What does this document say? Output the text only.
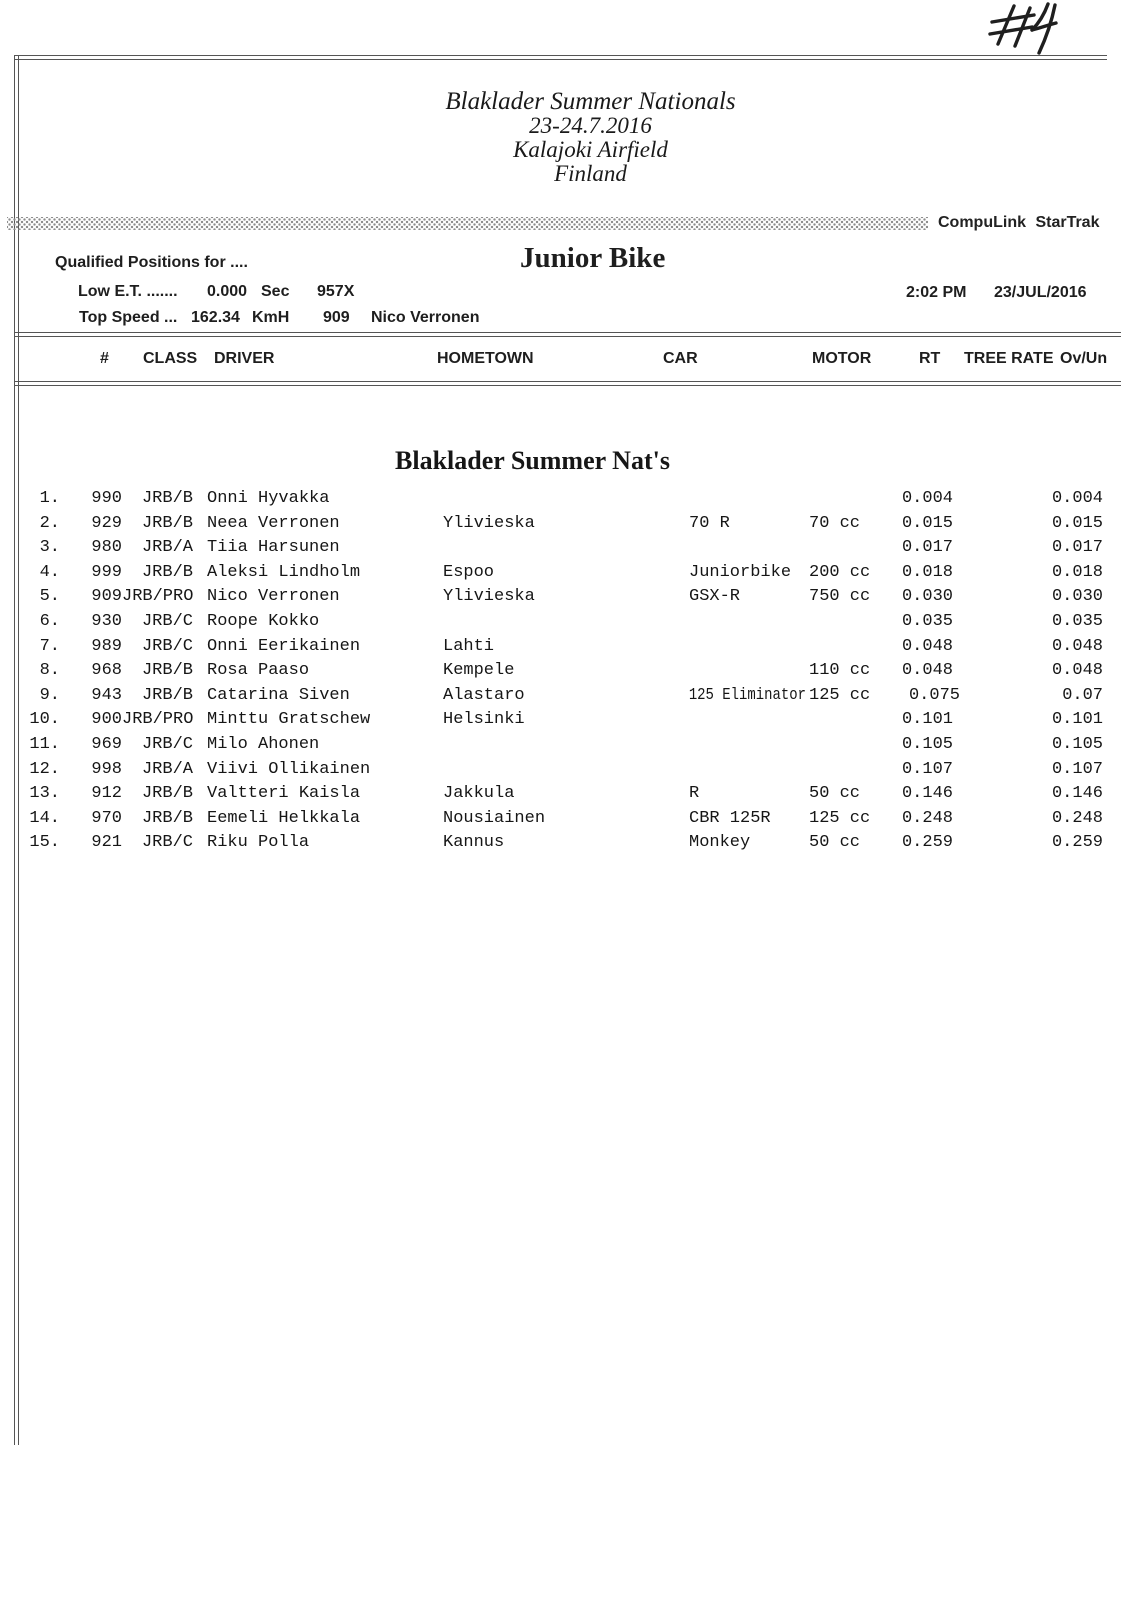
Blaklader Summer Nationals
23-24.7.2016
Kalajoki Airfield
Finland
CompuLink StarTrak
Qualified Positions for ....	Junior Bike
Low E.T. ....... 0.000 Sec 957X	2:02 PM 23/JUL/2016
Top Speed ... 162.34 KmH 909 Nico Verronen
# CLASS DRIVER	HOMETOWN	CAR	MOTOR	RT TREE RATE Ov/Un
Blaklader Summer Nat's
1.	990	JRB/B Onni Hyvakka	0.004	0.004
2.	929	JRB/B Neea Verronen	Ylivieska	70 R	70 cc	0.015	0.015
3.	980	JRB/A Tiia Harsunen	0.017	0.017
4.	999	JRB/B Aleksi Lindholm	Espoo	Juniorbike	200 cc	0.018	0.018
5.	909 JRB/PRO Nico Verronen	Ylivieska	GSX-R	750 cc	0.030	0.030
6.	930	JRB/C Roope Kokko	0.035	0.035
7.	989	JRB/C Onni Eerikainen	Lahti	0.048	0.048
8.	968	JRB/B Rosa Paaso	Kempele	110 cc	0.048	0.048
9.	943	JRB/B Catarina Siven	Alastaro	125 Eliminator 125 cc	0.075	0.07
10.	900 JRB/PRO Minttu Gratschew	Helsinki	0.101	0.101
11.	969	JRB/C Milo Ahonen	0.105	0.105
12.	998	JRB/A Viivi Ollikainen	0.107	0.107
13.	912	JRB/B Valtteri Kaisla	Jakkula	R	50 cc	0.146	0.146
14.	970	JRB/B Eemeli Helkkala	Nousiainen	CBR 125R	125 cc	0.248	0.248
15.	921	JRB/C Riku Polla	Kannus	Monkey	50 cc	0.259	0.259
